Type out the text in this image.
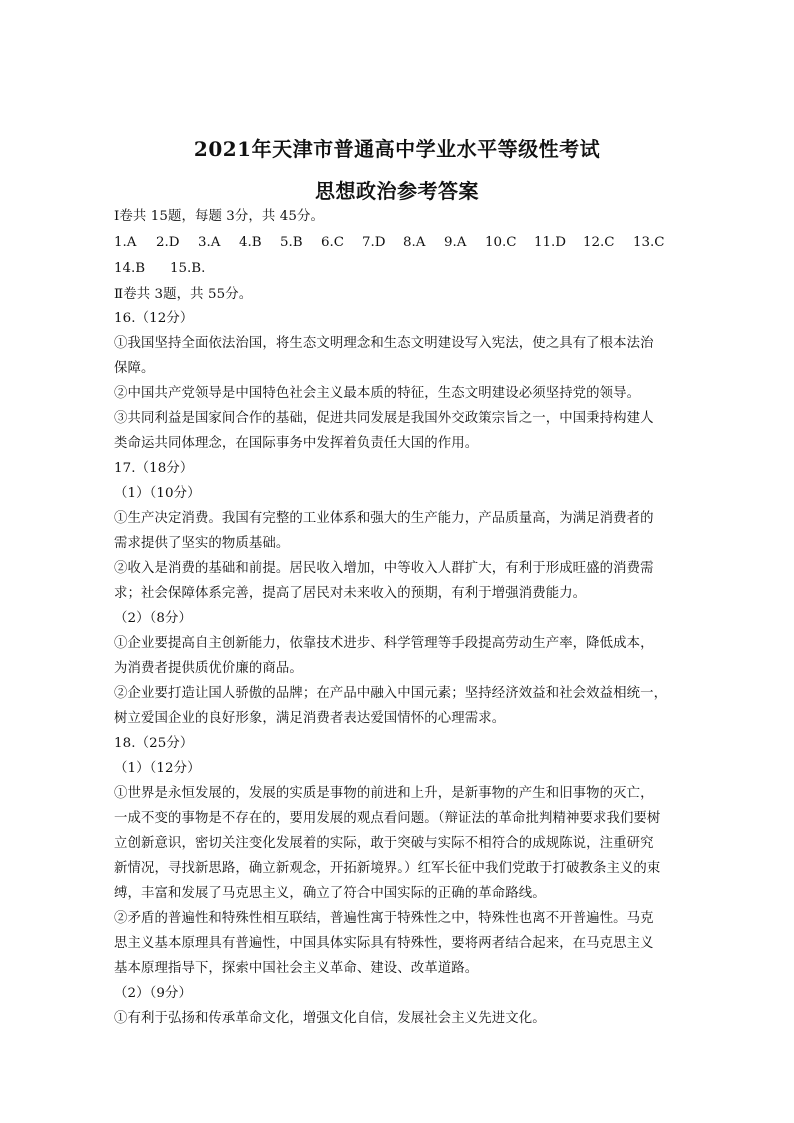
2021年天津市普通高中学业水平等级性考试
思想政治参考答案
Ⅰ卷共 15题，每题 3分，共 45分。
1.A 2.D 3.A 4.B 5.B 6.C 7.D 8.A 9.A 10.C 11.D 12.C 13.C
14.B 15.B.
Ⅱ卷共 3题，共 55分。
16.（12分）
①我国坚持全面依法治国，将生态文明理念和生态文明建设写入宪法，使之具有了根本法治
保障。
②中国共产党领导是中国特色社会主义最本质的特征，生态文明建设必须坚持党的领导。
③共同利益是国家间合作的基础，促进共同发展是我国外交政策宗旨之一，中国秉持构建人
类命运共同体理念，在国际事务中发挥着负责任大国的作用。
17.（18分）
（1）（10分）
①生产决定消费。我国有完整的工业体系和强大的生产能力，产品质量高，为满足消费者的
需求提供了坚实的物质基础。
②收入是消费的基础和前提。居民收入增加，中等收入人群扩大，有利于形成旺盛的消费需
求；社会保障体系完善，提高了居民对未来收入的预期，有利于增强消费能力。
（2）（8分）
①企业要提高自主创新能力，依靠技术进步、科学管理等手段提高劳动生产率，降低成本，
为消费者提供质优价廉的商品。
②企业要打造让国人骄傲的品牌；在产品中融入中国元素；坚持经济效益和社会效益相统一，
树立爱国企业的良好形象，满足消费者表达爱国情怀的心理需求。
18.（25分）
（1）（12分）
①世界是永恒发展的，发展的实质是事物的前进和上升，是新事物的产生和旧事物的灭亡，
一成不变的事物是不存在的，要用发展的观点看问题。（辩证法的革命批判精神要求我们要树
立创新意识，密切关注变化发展着的实际，敢于突破与实际不相符合的成规陈说，注重研究
新情况，寻找新思路，确立新观念，开拓新境界。）红军长征中我们党敢于打破教条主义的束
缚，丰富和发展了马克思主义，确立了符合中国实际的正确的革命路线。
②矛盾的普遍性和特殊性相互联结，普遍性寓于特殊性之中，特殊性也离不开普遍性。马克
思主义基本原理具有普遍性，中国具体实际具有特殊性，要将两者结合起来，在马克思主义
基本原理指导下，探索中国社会主义革命、建设、改革道路。
（2）（9分）
①有利于弘扬和传承革命文化，增强文化自信，发展社会主义先进文化。
